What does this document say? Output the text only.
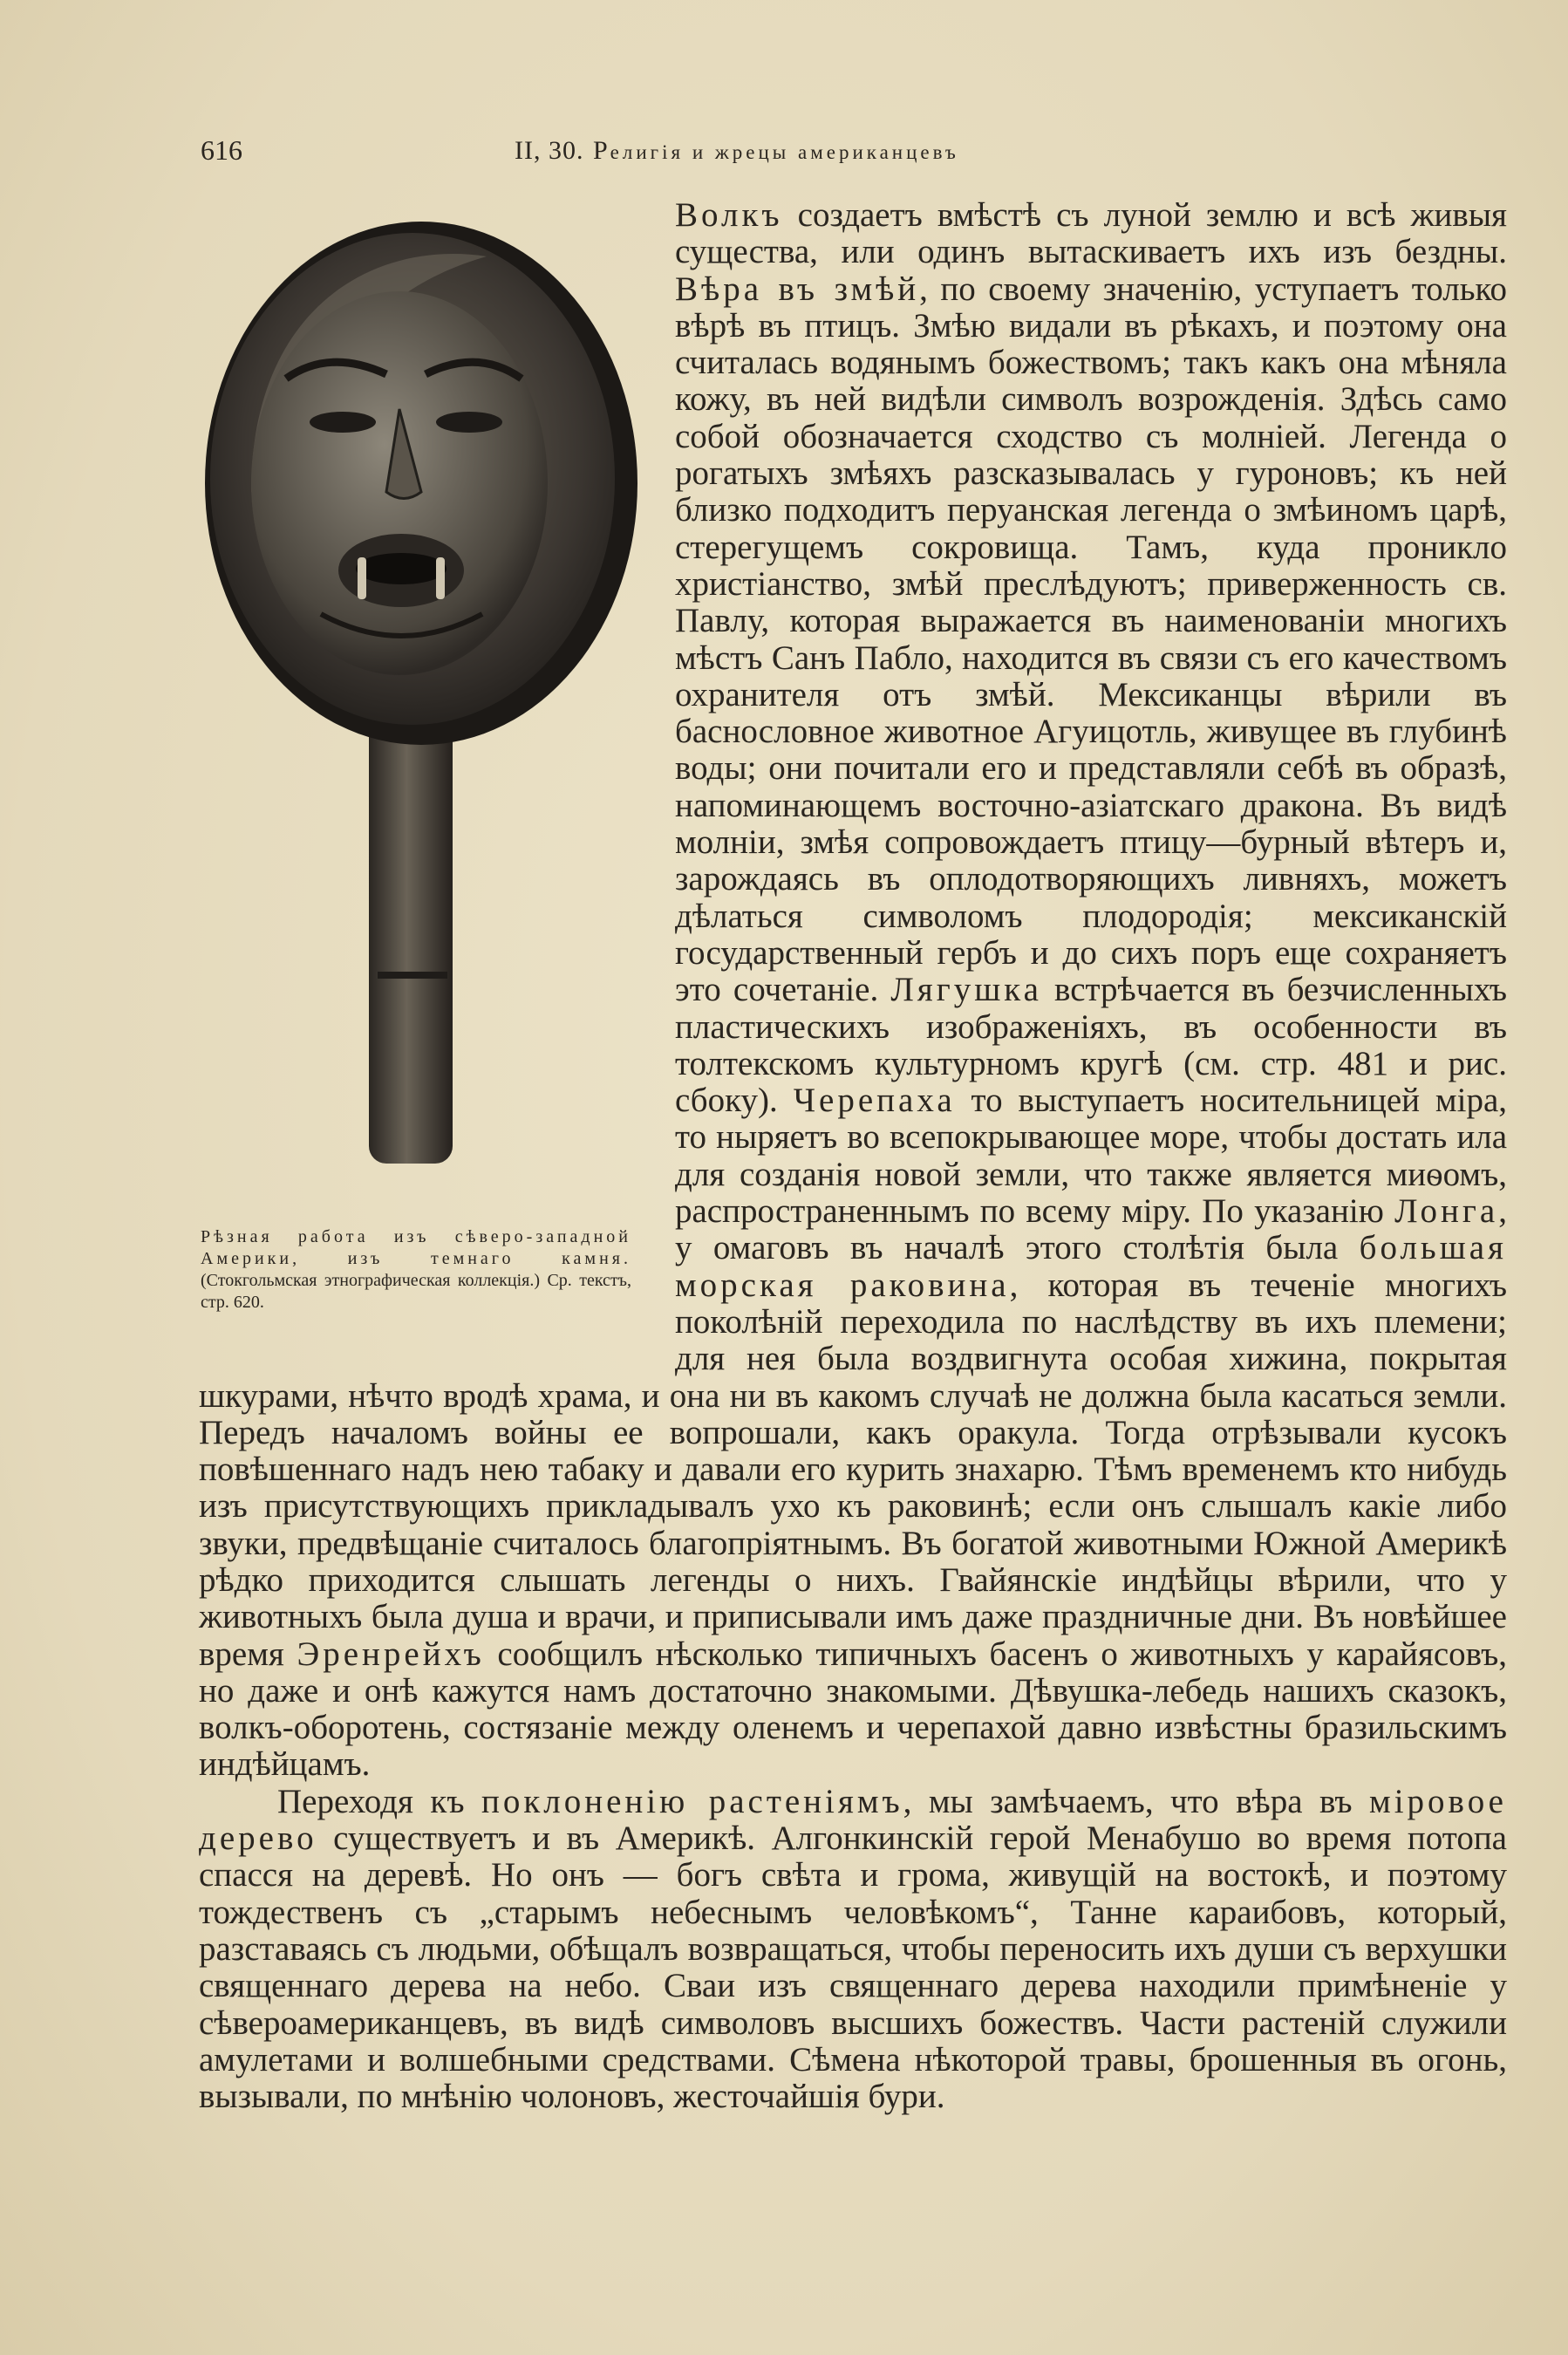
616	II, 30. Религія и жрецы американцевъ
Рѣзная работа изъ сѣверо-западной Америки, изъ темнаго камня. (Стокгольмская этнографическая коллекція.) Ср. текстъ, стр. 620.

Волкъ создаетъ вмѣстѣ съ луной землю и всѣ живыя существа, или одинъ вытаскиваетъ ихъ изъ бездны. Вѣра въ змѣй, по своему значенію, уступаетъ только вѣрѣ въ птицъ. Змѣю видали въ рѣкахъ, и поэтому она считалась водянымъ божествомъ; такъ какъ она мѣняла кожу, въ ней видѣли символъ возрожденія. Здѣсь само собой обозначается сходство съ молніей. Легенда о рогатыхъ змѣяхъ разсказывалась у гуроновъ; къ ней близко подходитъ перуанская легенда о змѣиномъ царѣ, стерегущемъ сокровища. Тамъ, куда проникло христіанство, змѣй преслѣдуютъ; приверженность св. Павлу, которая выражается въ наименованіи многихъ мѣстъ Санъ Пабло, находится въ связи съ его качествомъ охранителя отъ змѣй. Мексиканцы вѣрили въ баснословное животное Агуицотль, живущее въ глубинѣ воды; они почитали его и представляли себѣ въ образѣ, напоминающемъ восточно-азіатскаго дракона. Въ видѣ молніи, змѣя сопровождаетъ птицу—бурный вѣтеръ и, зарождаясь въ оплодотворяющихъ ливняхъ, можетъ дѣлаться символомъ плодородія; мексиканскій государственный гербъ и до сихъ поръ еще сохраняетъ это сочетаніе. Лягушка встрѣчается въ безчисленныхъ пластическихъ изображеніяхъ, въ особенности въ толтекскомъ культурномъ кругѣ (см. стр. 481 и рис. сбоку). Черепаха то выступаетъ носительницей міра, то ныряетъ во всепокрывающее море, чтобы достать ила для созданія новой земли, что также является миѳомъ, распространеннымъ по всему міру. По указанію Лонга, у омаговъ въ началѣ этого столѣтія была большая морская раковина, которая въ теченіе многихъ поколѣній переходила по наслѣдству въ ихъ племени; для нея была воздвигнута особая хижина, покрытая шкурами, нѣчто вродѣ храма, и она ни въ какомъ случаѣ не должна была касаться земли. Передъ началомъ войны ее вопрошали, какъ оракула. Тогда отрѣзывали кусокъ повѣшеннаго надъ нею табаку и давали его курить знахарю. Тѣмъ временемъ кто нибудь изъ присутствующихъ прикладывалъ ухо къ раковинѣ; если онъ слышалъ какіе либо звуки, предвѣщаніе считалось благопріятнымъ. Въ богатой животными Южной Америкѣ рѣдко приходится слышать легенды о нихъ. Гвайянскіе индѣйцы вѣрили, что у животныхъ была душа и врачи, и приписывали имъ даже праздничные дни. Въ новѣйшее время Эренрейхъ сообщилъ нѣсколько типичныхъ басенъ о животныхъ у карайясовъ, но даже и онѣ кажутся намъ достаточно знакомыми. Дѣвушка-лебедь нашихъ сказокъ, волкъ-оборотень, состязаніе между оленемъ и черепахой давно извѣстны бразильскимъ индѣйцамъ.

Переходя къ поклоненію растеніямъ, мы замѣчаемъ, что вѣра въ міровое дерево существуетъ и въ Америкѣ. Алгонкинскій герой Менабушо во время потопа спасся на деревѣ. Но онъ — богъ свѣта и грома, живущій на востокѣ, и поэтому тождественъ съ „старымъ небеснымъ человѣкомъ“, Танне караибовъ, который, разставаясь съ людьми, обѣщалъ возвращаться, чтобы переносить ихъ души съ верхушки священнаго дерева на небо. Сваи изъ священнаго дерева находили примѣненіе у сѣвероамериканцевъ, въ видѣ символовъ высшихъ божествъ. Части растеній служили амулетами и волшебными средствами. Сѣмена нѣкоторой травы, брошенныя въ огонь, вызывали, по мнѣнію чолоновъ, жесточайшія бури.
